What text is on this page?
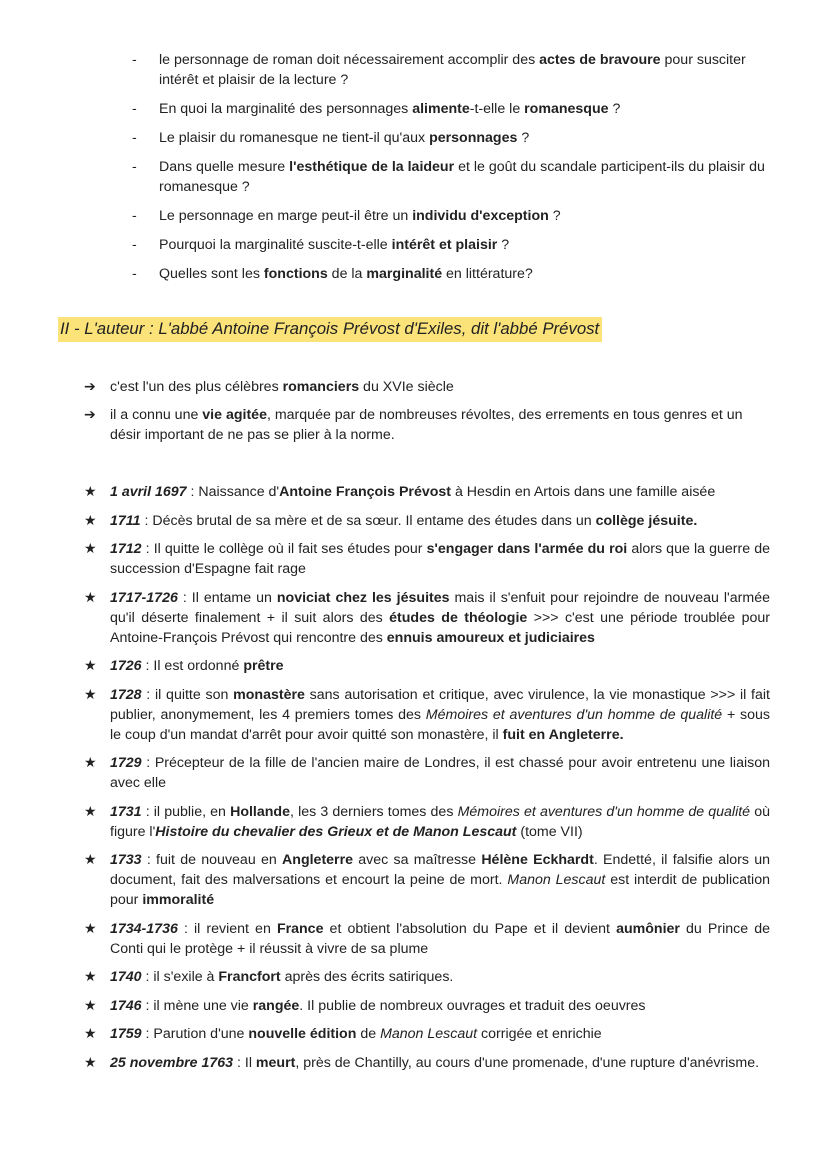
- le personnage de roman doit nécessairement accomplir des actes de bravoure pour susciter intérêt et plaisir de la lecture ?
- En quoi la marginalité des personnages alimente-t-elle le romanesque ?
- Le plaisir du romanesque ne tient-il qu'aux personnages ?
- Dans quelle mesure l'esthétique de la laideur et le goût du scandale participent-ils du plaisir du romanesque ?
- Le personnage en marge peut-il être un individu d'exception ?
- Pourquoi la marginalité suscite-t-elle intérêt et plaisir ?
- Quelles sont les fonctions de la marginalité en littérature?
II - L'auteur : L'abbé Antoine François Prévost d'Exiles, dit l'abbé Prévost
➔ c'est l'un des plus célèbres romanciers du XVIe siècle
➔ il a connu une vie agitée, marquée par de nombreuses révoltes, des errements en tous genres et un désir important de ne pas se plier à la norme.
★ 1 avril 1697 : Naissance d'Antoine François Prévost à Hesdin en Artois dans une famille aisée
★ 1711 : Décès brutal de sa mère et de sa sœur. Il entame des études dans un collège jésuite.
★ 1712 : Il quitte le collège où il fait ses études pour s'engager dans l'armée du roi alors que la guerre de succession d'Espagne fait rage
★ 1717-1726 : Il entame un noviciat chez les jésuites mais il s'enfuit pour rejoindre de nouveau l'armée qu'il déserte finalement + il suit alors des études de théologie >>> c'est une période troublée pour Antoine-François Prévost qui rencontre des ennuis amoureux et judiciaires
★ 1726 : Il est ordonné prêtre
★ 1728 : il quitte son monastère sans autorisation et critique, avec virulence, la vie monastique >>> il fait publier, anonymement, les 4 premiers tomes des Mémoires et aventures d'un homme de qualité + sous le coup d'un mandat d'arrêt pour avoir quitté son monastère, il fuit en Angleterre.
★ 1729 : Précepteur de la fille de l'ancien maire de Londres, il est chassé pour avoir entretenu une liaison avec elle
★ 1731 : il publie, en Hollande, les 3 derniers tomes des Mémoires et aventures d'un homme de qualité où figure l'Histoire du chevalier des Grieux et de Manon Lescaut (tome VII)
★ 1733 : fuit de nouveau en Angleterre avec sa maîtresse Hélène Eckhardt. Endetté, il falsifie alors un document, fait des malversations et encourt la peine de mort. Manon Lescaut est interdit de publication pour immoralité
★ 1734-1736 : il revient en France et obtient l'absolution du Pape et il devient aumônier du Prince de Conti qui le protège + il réussit à vivre de sa plume
★ 1740 : il s'exile à Francfort après des écrits satiriques.
★ 1746 : il mène une vie rangée. Il publie de nombreux ouvrages et traduit des oeuvres
★ 1759 : Parution d'une nouvelle édition de Manon Lescaut corrigée et enrichie
★ 25 novembre 1763 : Il meurt, près de Chantilly, au cours d'une promenade, d'une rupture d'anévrisme.
